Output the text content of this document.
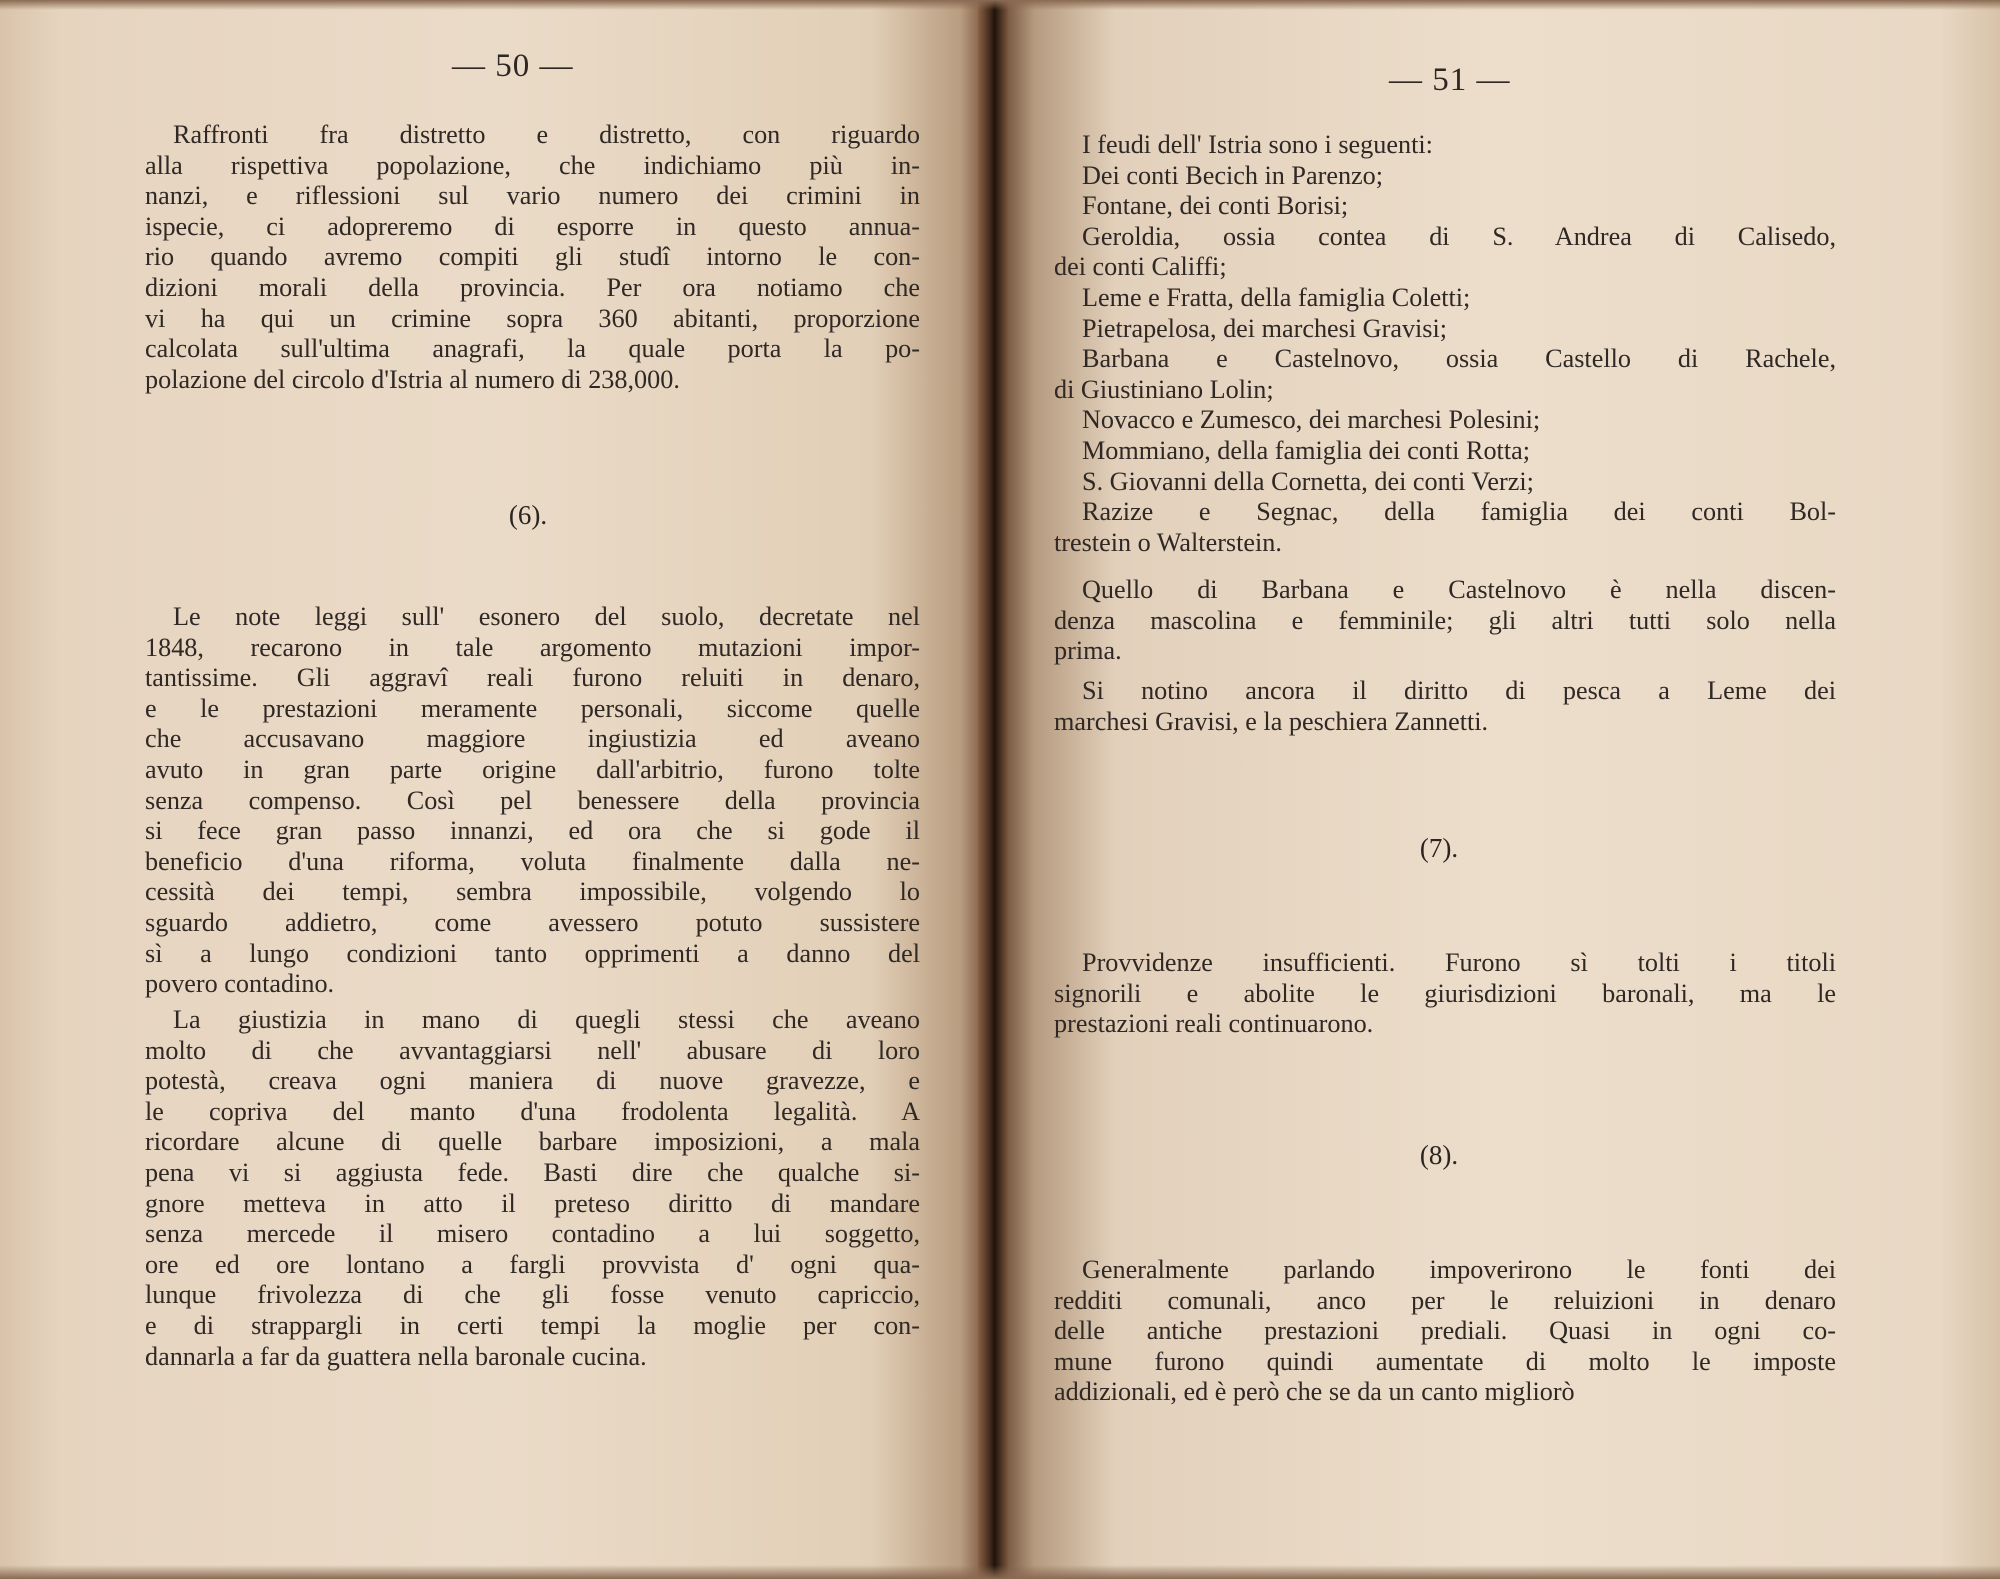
— 50 —

Raffronti fra distretto e distretto, con riguardo
alla rispettiva popolazione, che indichiamo più in-
nanzi, e riflessioni sul vario numero dei crimini in
ispecie, ci adopreremo di esporre in questo annua-
rio quando avremo compiti gli studî intorno le con-
dizioni morali della provincia. Per ora notiamo che
vi ha qui un crimine sopra 360 abitanti, proporzione
calcolata sull'ultima anagrafi, la quale porta la po-
polazione del circolo d'Istria al numero di 238,000.

(6).

Le note leggi sull' esonero del suolo, decretate nel
1848, recarono in tale argomento mutazioni impor-
tantissime. Gli aggravî reali furono reluiti in denaro,
e le prestazioni meramente personali, siccome quelle
che accusavano maggiore ingiustizia ed aveano
avuto in gran parte origine dall'arbitrio, furono tolte
senza compenso. Così pel benessere della provincia
si fece gran passo innanzi, ed ora che si gode il
beneficio d'una riforma, voluta finalmente dalla ne-
cessità dei tempi, sembra impossibile, volgendo lo
sguardo addietro, come avessero potuto sussistere
sì a lungo condizioni tanto opprimenti a danno del
povero contadino.

La giustizia in mano di quegli stessi che aveano
molto di che avvantaggiarsi nell' abusare di loro
potestà, creava ogni maniera di nuove gravezze, e
le copriva del manto d'una frodolenta legalità. A
ricordare alcune di quelle barbare imposizioni, a mala
pena vi si aggiusta fede. Basti dire che qualche si-
gnore metteva in atto il preteso diritto di mandare
senza mercede il misero contadino a lui soggetto,
ore ed ore lontano a fargli provvista d' ogni qua-
lunque frivolezza di che gli fosse venuto capriccio,
e di strappargli in certi tempi la moglie per con-
dannarla a far da guattera nella baronale cucina.

— 51 —
I feudi dell' Istria sono i seguenti:
Dei conti Becich in Parenzo;
Fontane, dei conti Borisi;
Geroldia, ossia contea di S. Andrea di Calisedo,
dei conti Califfi;
Leme e Fratta, della famiglia Coletti;
Pietrapelosa, dei marchesi Gravisi;
Barbana e Castelnovo, ossia Castello di Rachele,
di Giustiniano Lolin;
Novacco e Zumesco, dei marchesi Polesini;
Mommiano, della famiglia dei conti Rotta;
S. Giovanni della Cornetta, dei conti Verzi;
Razize e Segnac, della famiglia dei conti Bol-
trestein o Walterstein.

Quello di Barbana e Castelnovo è nella discen-
denza mascolina e femminile; gli altri tutti solo nella
prima.

Si notino ancora il diritto di pesca a Leme dei
marchesi Gravisi, e la peschiera Zannetti.

(7).

Provvidenze insufficienti. Furono sì tolti i titoli
signorili e abolite le giurisdizioni baronali, ma le
prestazioni reali continuarono.

(8).

Generalmente parlando impoverirono le fonti dei
redditi comunali, anco per le reluizioni in denaro
delle antiche prestazioni prediali. Quasi in ogni co-
mune furono quindi aumentate di molto le imposte
addizionali, ed è però che se da un canto migliorò
